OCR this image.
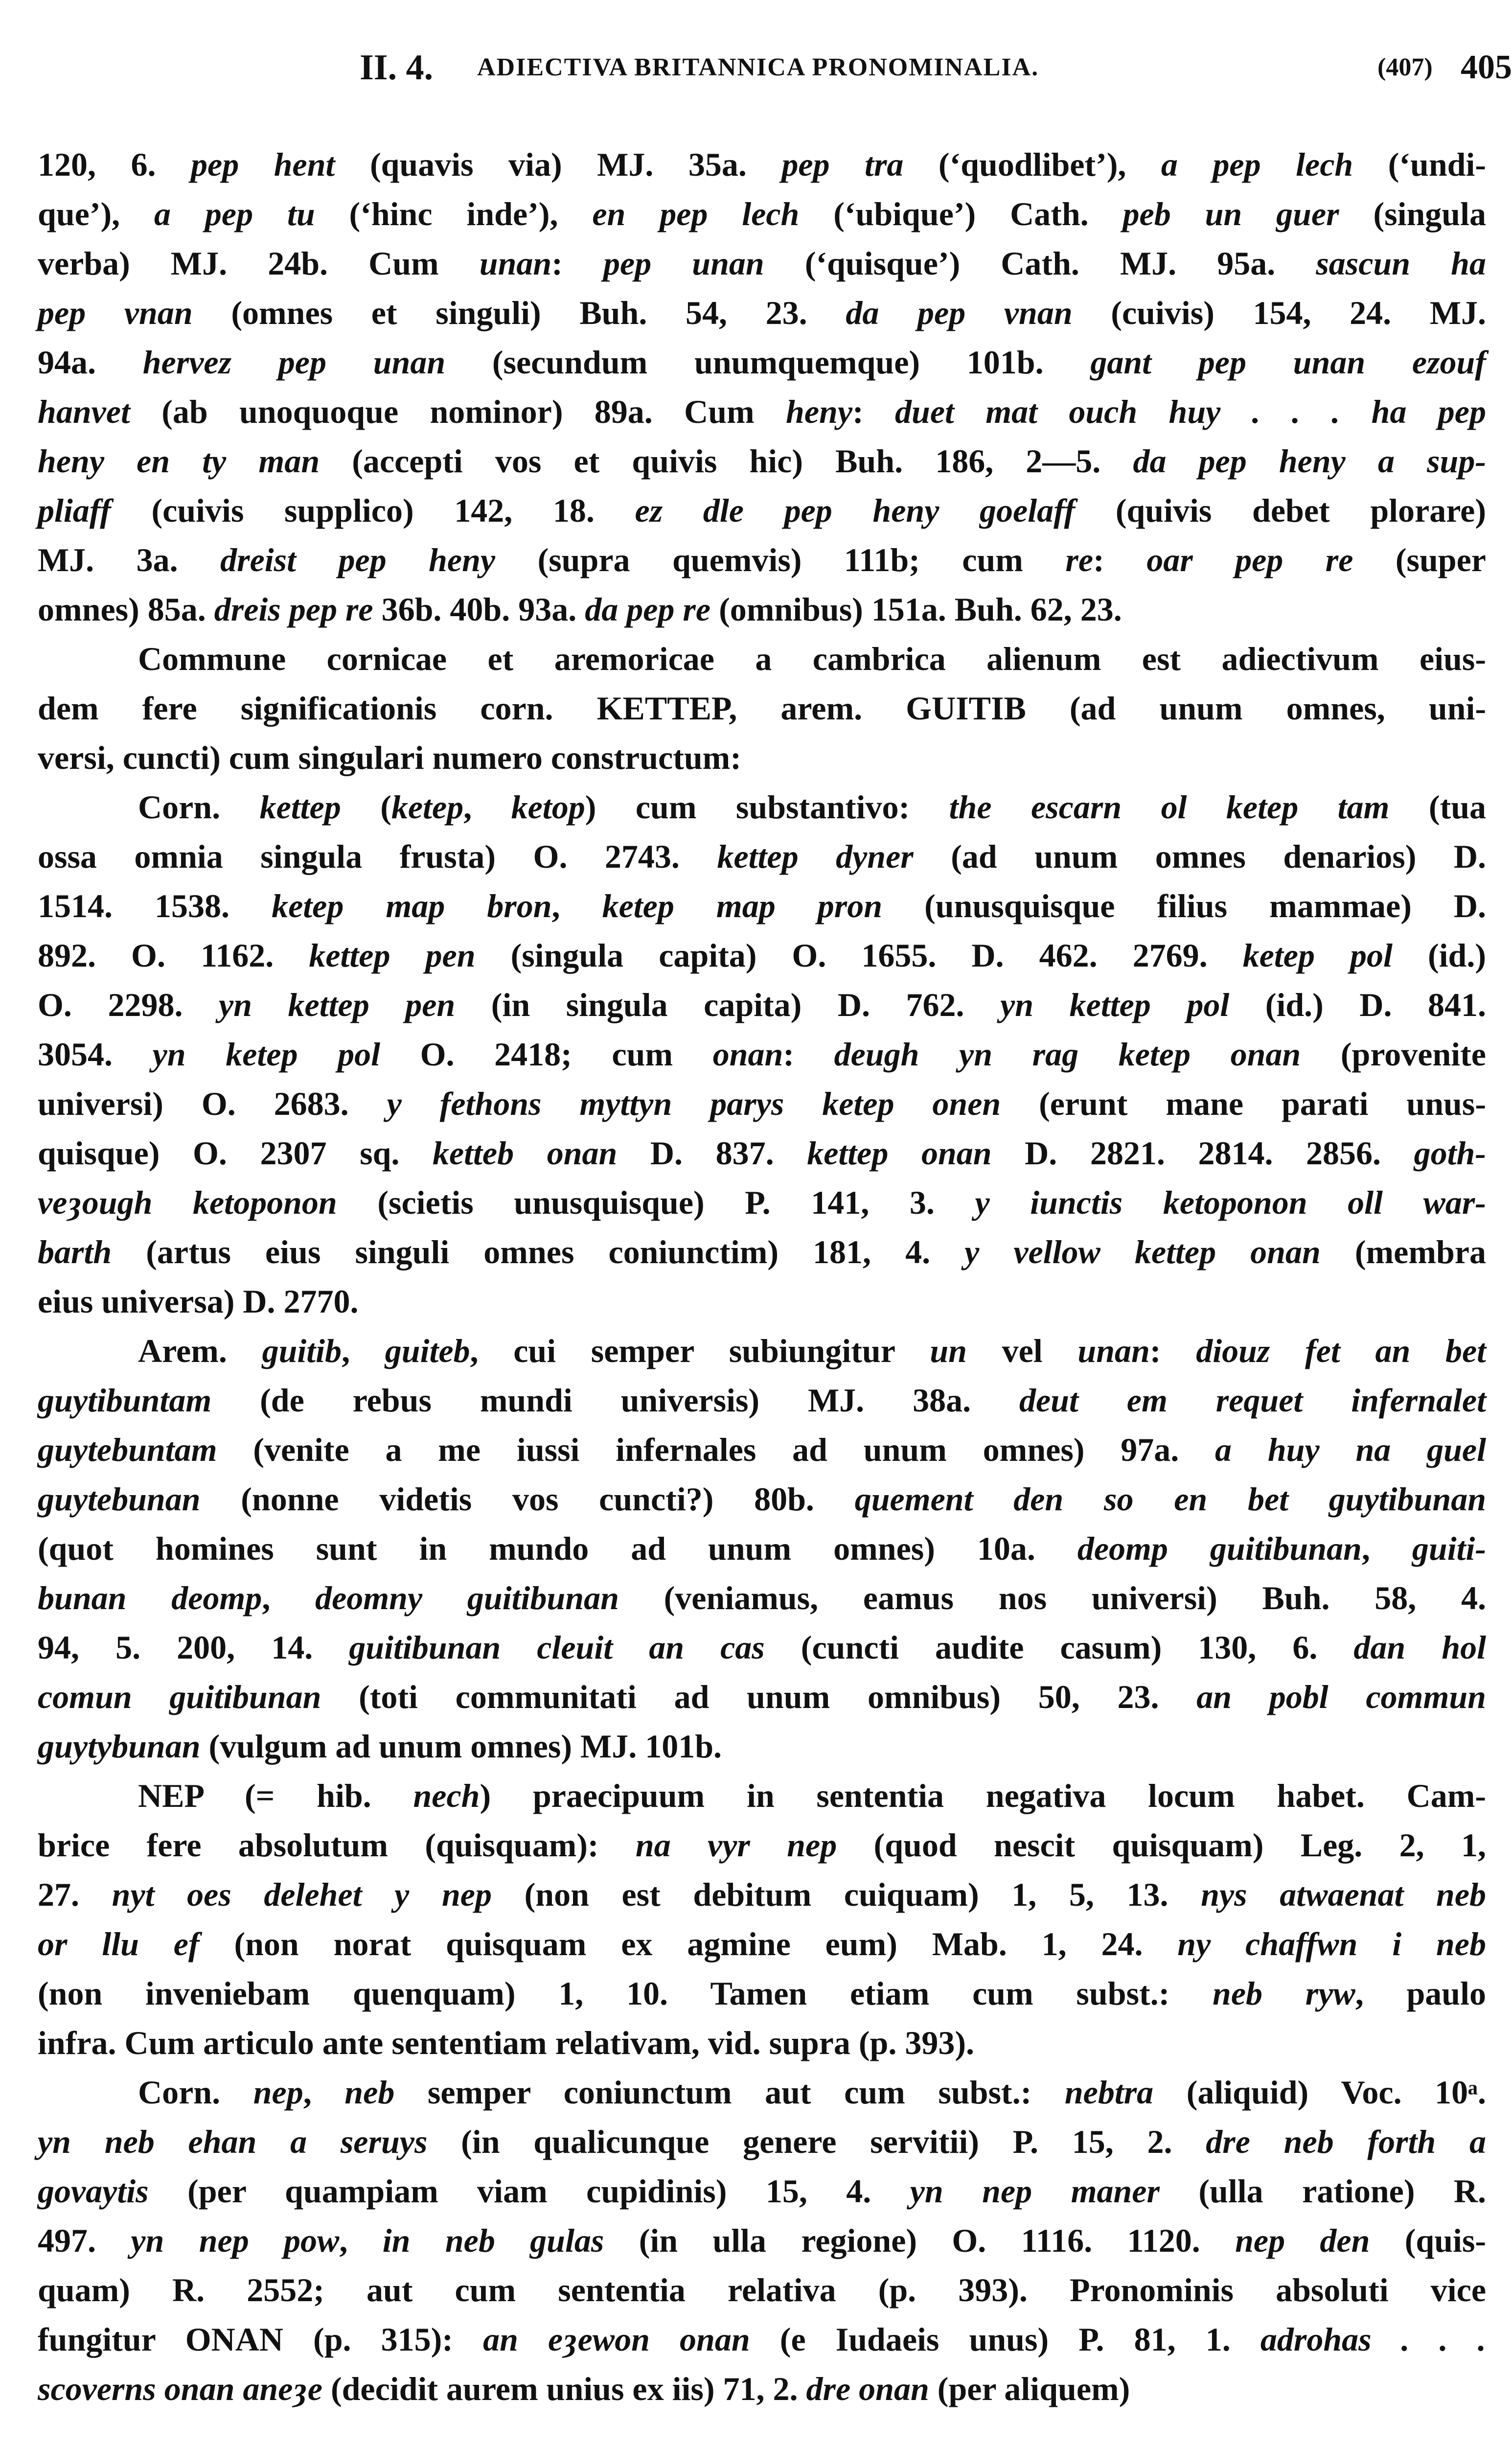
II. 4. ADIECTIVA BRITANNICA PRONOMINALIA.	(407) 405
120, 6. pep hent (quavis via) MJ. 35a. pep tra (‘quodlibet’), a pep lech (‘undi-
que’), a pep tu (‘hinc inde’), en pep lech (‘ubique’) Cath. peb un guer (singula
verba) MJ. 24b. Cum unan: pep unan (‘quisque’) Cath. MJ. 95a. sascun ha
pep vnan (omnes et singuli) Buh. 54, 23. da pep vnan (cuivis) 154, 24. MJ.
94a. hervez pep unan (secundum unumquemque) 101b. gant pep unan ezouf
hanvet (ab unoquoque nominor) 89a. Cum heny: duet mat ouch huy . . . ha pep
heny en ty man (accepti vos et quivis hic) Buh. 186, 2—5. da pep heny a sup-
pliaff (cuivis supplico) 142, 18. ez dle pep heny goelaff (quivis debet plorare)
MJ. 3a. dreist pep heny (supra quemvis) 111b; cum re: oar pep re (super
omnes) 85a. dreis pep re 36b. 40b. 93a. da pep re (omnibus) 151a. Buh. 62, 23.
Commune cornicae et aremoricae a cambrica alienum est adiectivum eius-
dem fere significationis corn. KETTEP, arem. GUITIB (ad unum omnes, uni-
versi, cuncti) cum singulari numero constructum:
Corn. kettep (ketep, ketop) cum substantivo: the escarn ol ketep tam (tua
ossa omnia singula frusta) O. 2743. kettep dyner (ad unum omnes denarios) D.
1514. 1538. ketep map bron, ketep map pron (unusquisque filius mammae) D.
892. O. 1162. kettep pen (singula capita) O. 1655. D. 462. 2769. ketep pol (id.)
O. 2298. yn kettep pen (in singula capita) D. 762. yn kettep pol (id.) D. 841.
3054. yn ketep pol O. 2418; cum onan: deugh yn rag ketep onan (provenite
universi) O. 2683. y fethons myttyn parys ketep onen (erunt mane parati unus-
quisque) O. 2307 sq. ketteb onan D. 837. kettep onan D. 2821. 2814. 2856. goth-
veȝough ketoponon (scietis unusquisque) P. 141, 3. y iunctis ketoponon oll war-
barth (artus eius singuli omnes coniunctim) 181, 4. y vellow kettep onan (membra
eius universa) D. 2770.
Arem. guitib, guiteb, cui semper subiungitur un vel unan: diouz fet an bet
guytibuntam (de rebus mundi universis) MJ. 38a. deut em requet infernalet
guytebuntam (venite a me iussi infernales ad unum omnes) 97a. a huy na guel
guytebunan (nonne videtis vos cuncti?) 80b. quement den so en bet guytibunan
(quot homines sunt in mundo ad unum omnes) 10a. deomp guitibunan, guiti-
bunan deomp, deomny guitibunan (veniamus, eamus nos universi) Buh. 58, 4.
94, 5. 200, 14. guitibunan cleuit an cas (cuncti audite casum) 130, 6. dan hol
comun guitibunan (toti communitati ad unum omnibus) 50, 23. an pobl commun
guytybunan (vulgum ad unum omnes) MJ. 101b.
NEP (= hib. nech) praecipuum in sententia negativa locum habet. Cam-
brice fere absolutum (quisquam): na vyr nep (quod nescit quisquam) Leg. 2, 1,
27. nyt oes delehet y nep (non est debitum cuiquam) 1, 5, 13. nys atwaenat neb
or llu ef (non norat quisquam ex agmine eum) Mab. 1, 24. ny chaffwn i neb
(non inveniebam quenquam) 1, 10. Tamen etiam cum subst.: neb ryw, paulo
infra. Cum articulo ante sententiam relativam, vid. supra (p. 393).
Corn. nep, neb semper coniunctum aut cum subst.: nebtra (aliquid) Voc. 10ᵃ.
yn neb ehan a seruys (in qualicunque genere servitii) P. 15, 2. dre neb forth a
govaytis (per quampiam viam cupidinis) 15, 4. yn nep maner (ulla ratione) R.
497. yn nep pow, in neb gulas (in ulla regione) O. 1116. 1120. nep den (quis-
quam) R. 2552; aut cum sententia relativa (p. 393). Pronominis absoluti vice
fungitur ONAN (p. 315): an eȝewon onan (e Iudaeis unus) P. 81, 1. adrohas . . .
scoverns onan aneȝe (decidit aurem unius ex iis) 71, 2. dre onan (per aliquem)
